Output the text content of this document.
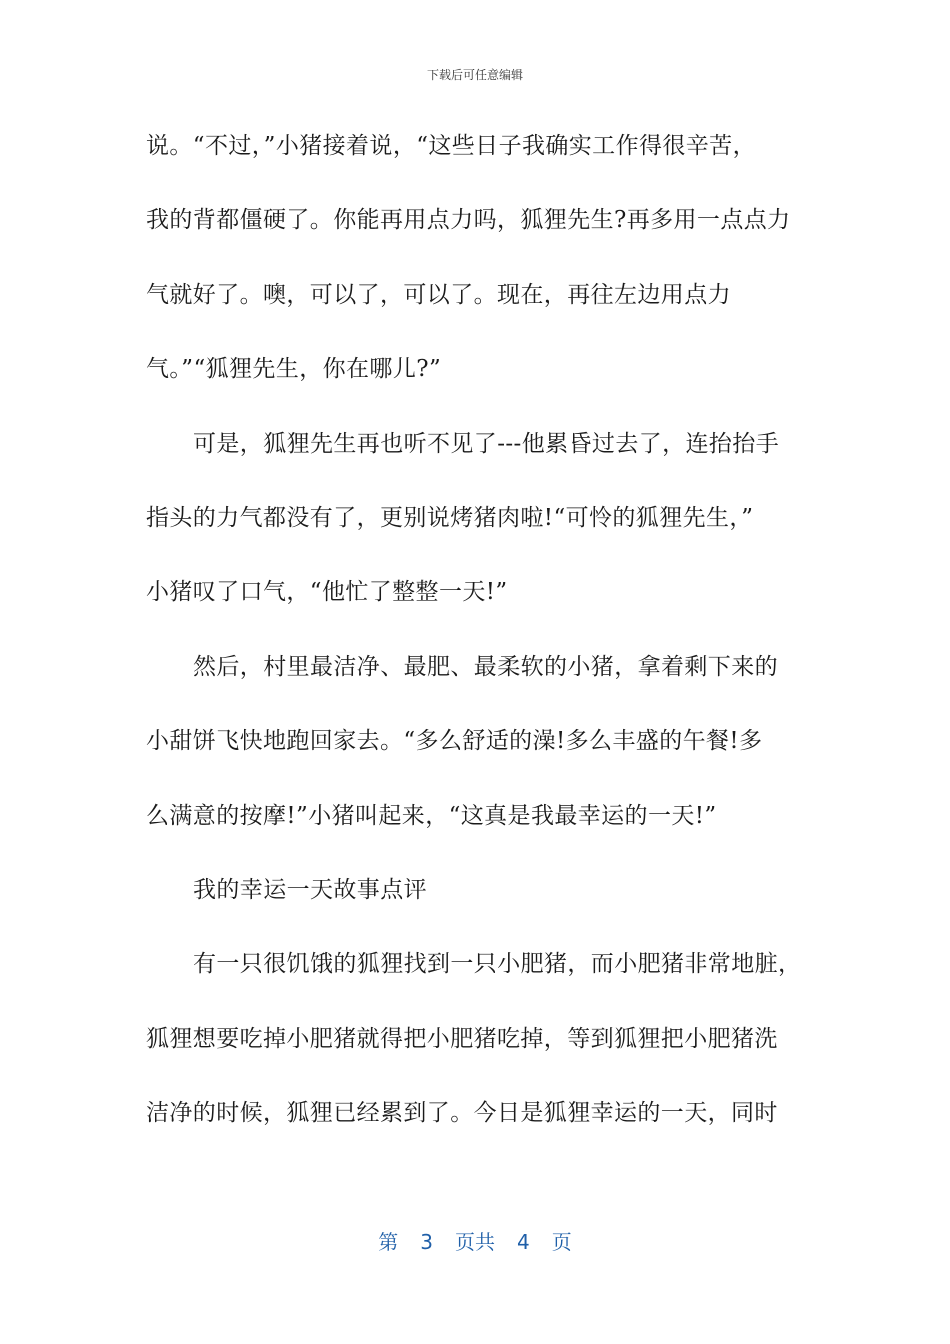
下载后可任意编辑
说。“不过，”小猪接着说，“这些日子我确实工作得很辛苦，
我的背都僵硬了。你能再用点力吗，狐狸先生?再多用一点点力
气就好了。噢，可以了，可以了。现在，再往左边用点力
气。”“狐狸先生，你在哪儿?”
可是，狐狸先生再也听不见了---他累昏过去了，连抬抬手
指头的力气都没有了，更别说烤猪肉啦!“可怜的狐狸先生，”
小猪叹了口气，“他忙了整整一天!”
然后，村里最洁净、最肥、最柔软的小猪，拿着剩下来的
小甜饼飞快地跑回家去。“多么舒适的澡!多么丰盛的午餐!多
么满意的按摩!”小猪叫起来，“这真是我最幸运的一天!”
我的幸运一天故事点评
有一只很饥饿的狐狸找到一只小肥猪，而小肥猪非常地脏，
狐狸想要吃掉小肥猪就得把小肥猪吃掉，等到狐狸把小肥猪洗
洁净的时候，狐狸已经累到了。今日是狐狸幸运的一天，同时
第 3 页共 4 页
